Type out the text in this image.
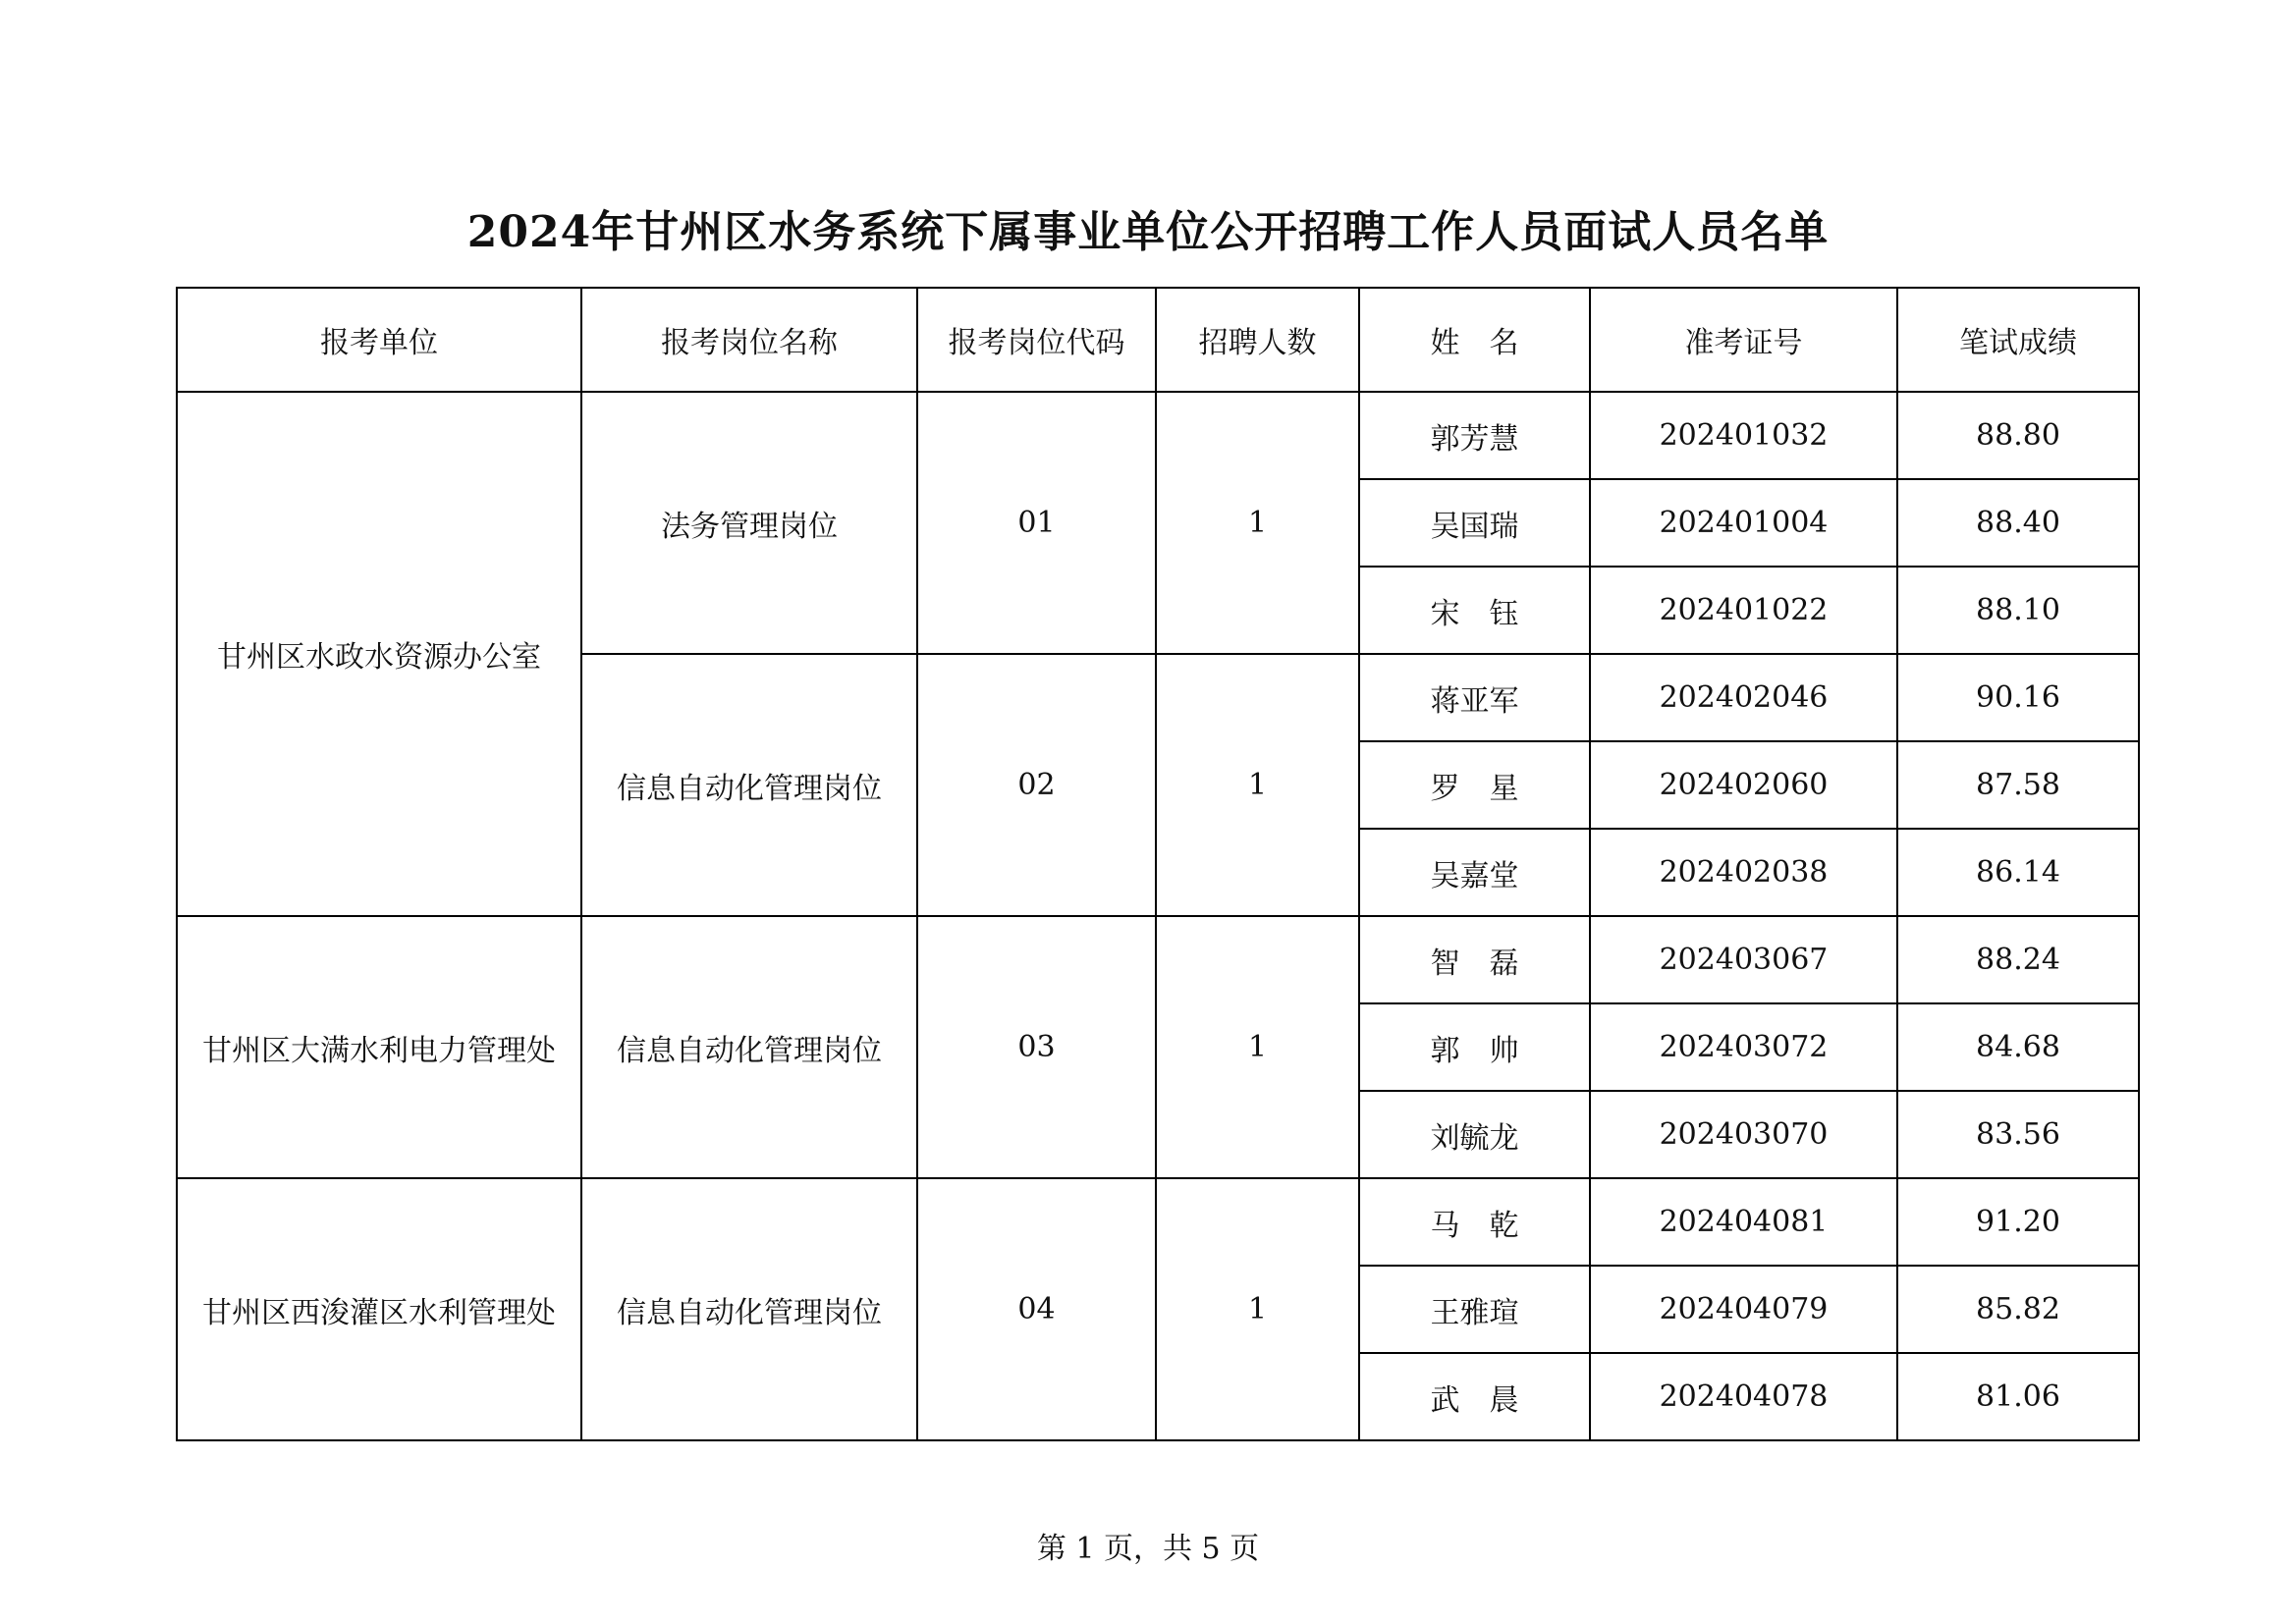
2024年甘州区水务系统下属事业单位公开招聘工作人员面试人员名单
报考单位	报考岗位名称	报考岗位代码	招聘人数	姓　名	准考证号	笔试成绩
甘州区水政水资源办公室	法务管理岗位	01	1	郭芳慧	202401032	88.80
				吴国瑞	202401004	88.40
				宋　钰	202401022	88.10
	信息自动化管理岗位	02	1	蒋亚军	202402046	90.16
				罗　星	202402060	87.58
				吴嘉堂	202402038	86.14
甘州区大满水利电力管理处	信息自动化管理岗位	03	1	智　磊	202403067	88.24
				郭　帅	202403072	84.68
				刘毓龙	202403070	83.56
甘州区西浚灌区水利管理处	信息自动化管理岗位	04	1	马　乾	202404081	91.20
				王雅瑄	202404079	85.82
				武　晨	202404078	81.06
第 1 页，共 5 页
